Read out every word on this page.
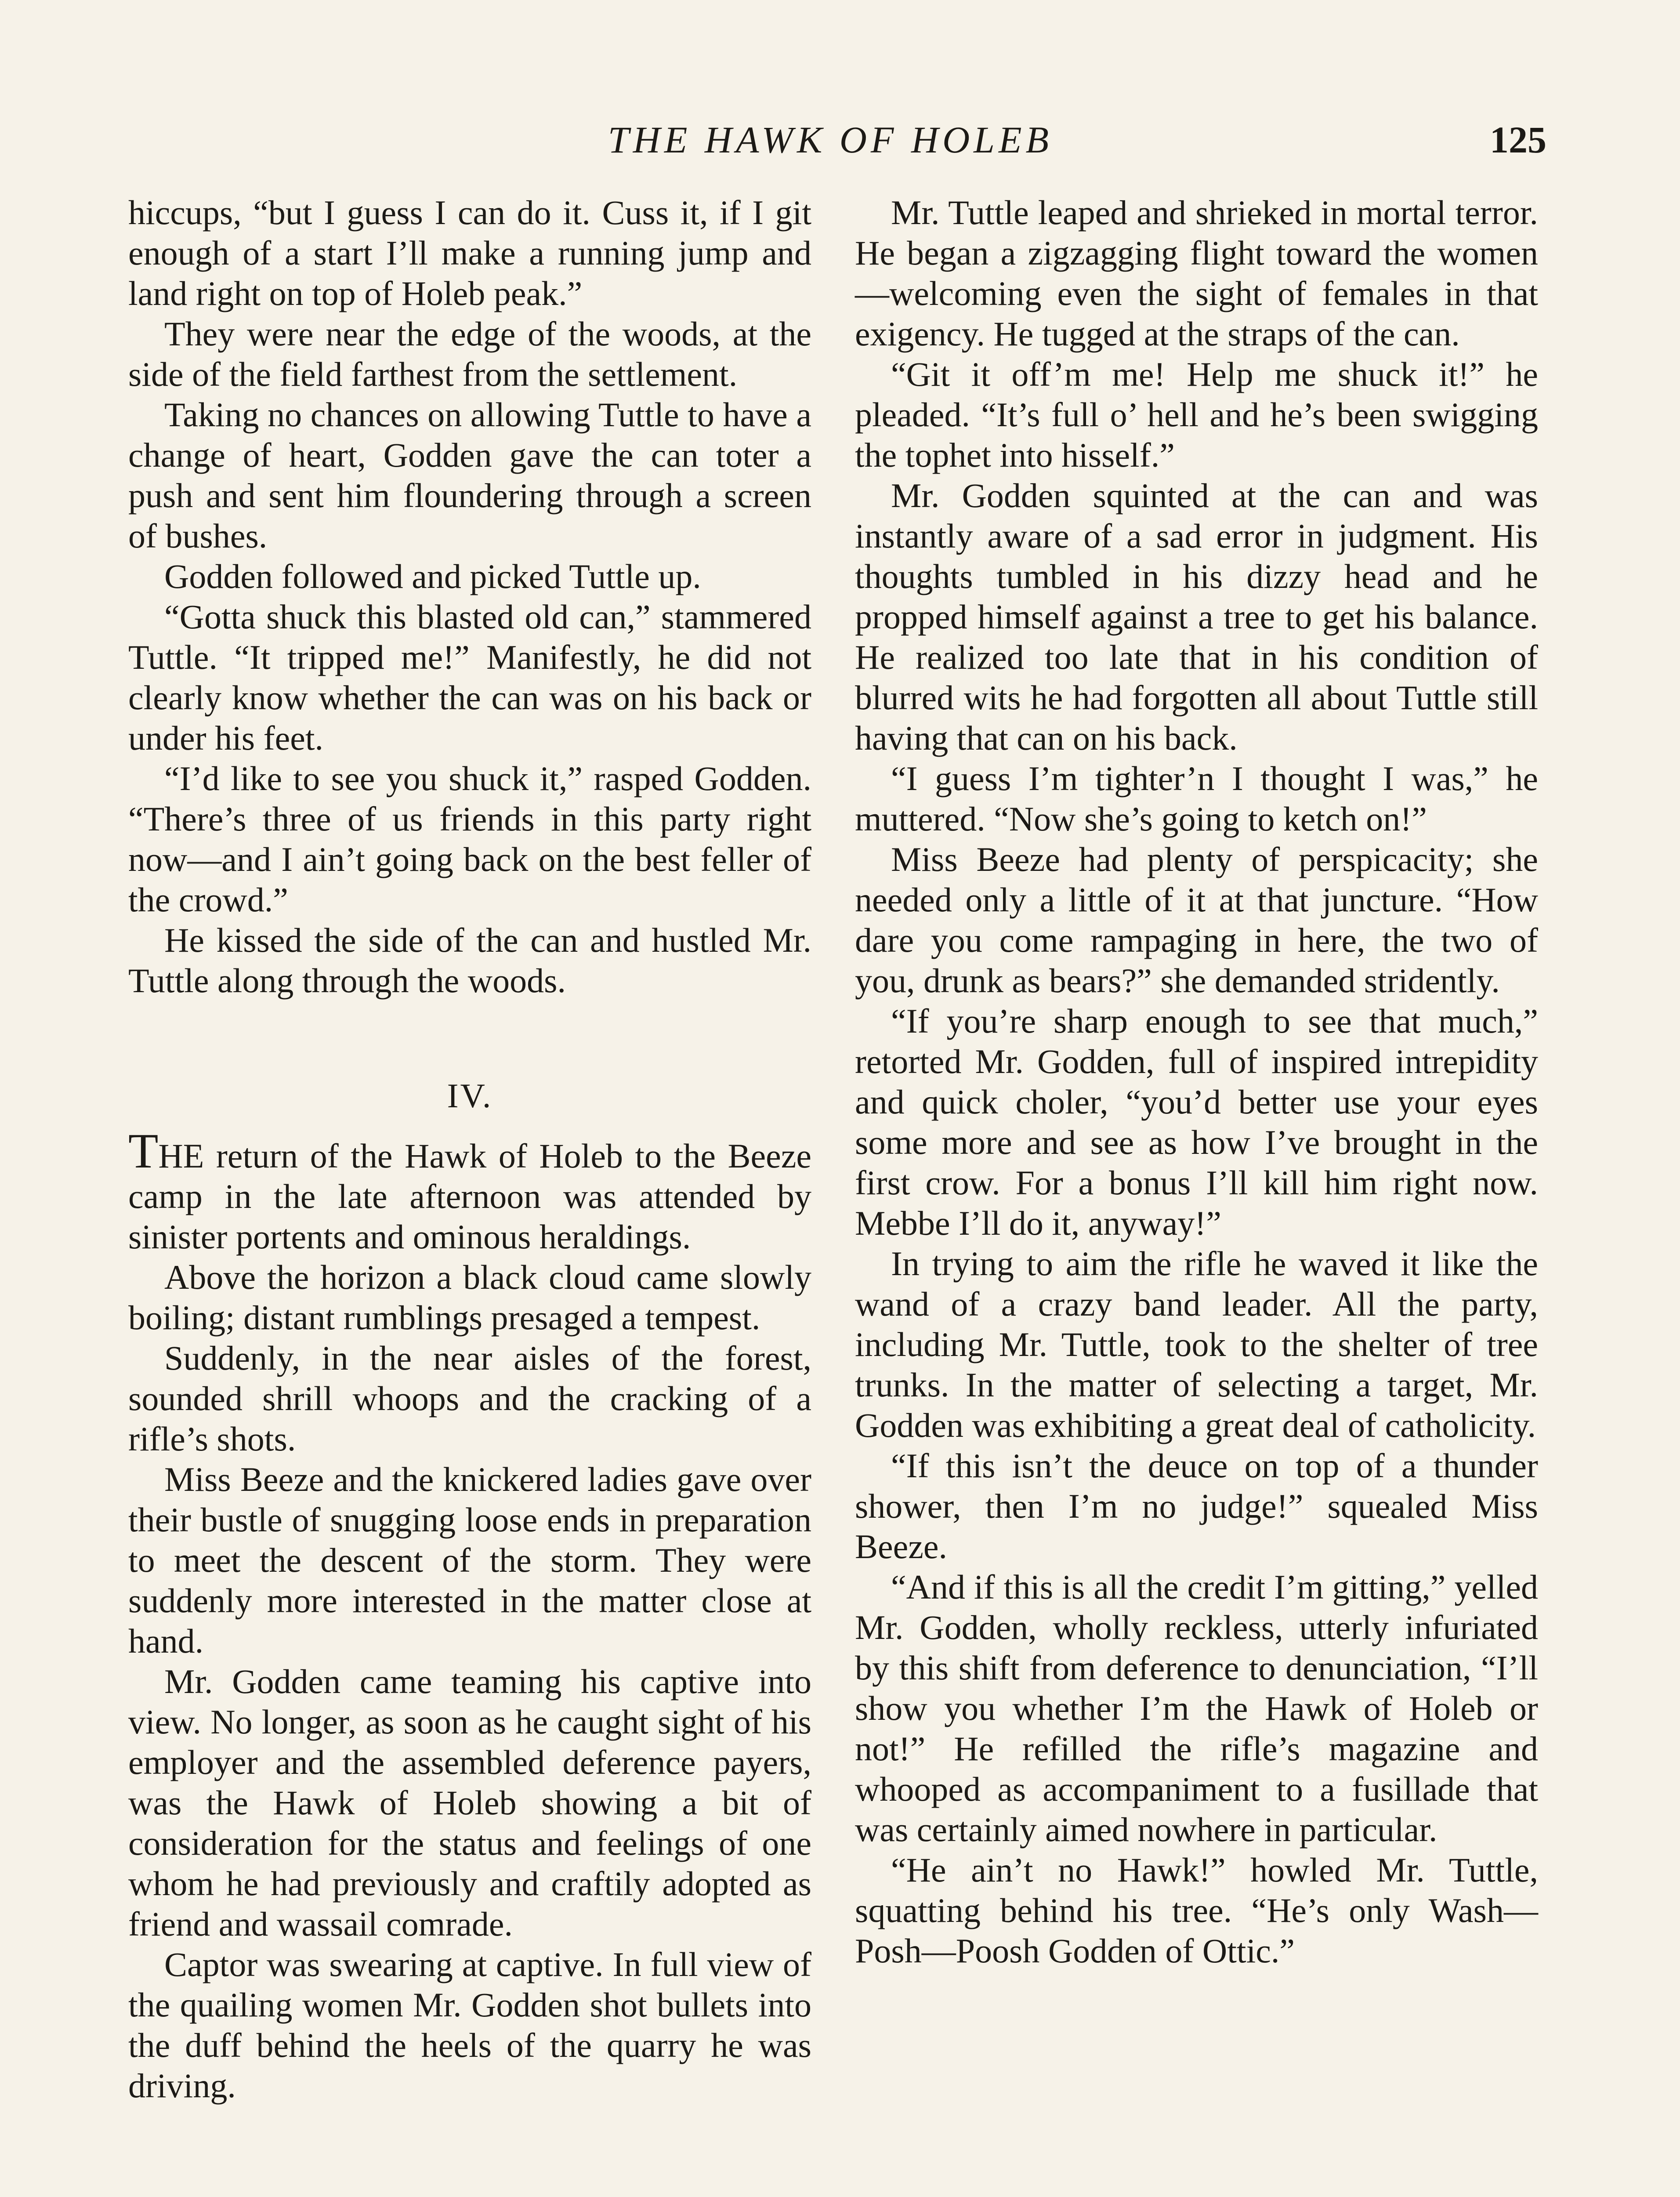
THE HAWK OF HOLEB	125

hiccups, “but I guess I can do it. Cuss it, if I git enough of a start I’ll make a running jump and land right on top of Holeb peak.”

They were near the edge of the woods, at the side of the field farthest from the settlement.

Taking no chances on allowing Tuttle to have a change of heart, Godden gave the can toter a push and sent him floundering through a screen of bushes.

Godden followed and picked Tuttle up.

“Gotta shuck this blasted old can,” stammered Tuttle. “It tripped me!” Manifestly, he did not clearly know whether the can was on his back or under his feet.

“I’d like to see you shuck it,” rasped Godden. “There’s three of us friends in this party right now—and I ain’t going back on the best feller of the crowd.”

He kissed the side of the can and hustled Mr. Tuttle along through the woods.

IV.

THE return of the Hawk of Holeb to the Beeze camp in the late afternoon was attended by sinister portents and ominous heraldings.

Above the horizon a black cloud came slowly boiling; distant rumblings presaged a tempest.

Suddenly, in the near aisles of the forest, sounded shrill whoops and the cracking of a rifle’s shots.

Miss Beeze and the knickered ladies gave over their bustle of snugging loose ends in preparation to meet the descent of the storm. They were suddenly more interested in the matter close at hand.

Mr. Godden came teaming his captive into view. No longer, as soon as he caught sight of his employer and the assembled deference payers, was the Hawk of Holeb showing a bit of consideration for the status and feelings of one whom he had previously and craftily adopted as friend and wassail comrade.

Captor was swearing at captive. In full view of the quailing women Mr. Godden shot bullets into the duff behind the heels of the quarry he was driving.

Mr. Tuttle leaped and shrieked in mortal terror. He began a zigzagging flight toward the women—welcoming even the sight of females in that exigency. He tugged at the straps of the can.

“Git it off’m me! Help me shuck it!” he pleaded. “It’s full o’ hell and he’s been swigging the tophet into hisself.”

Mr. Godden squinted at the can and was instantly aware of a sad error in judgment. His thoughts tumbled in his dizzy head and he propped himself against a tree to get his balance. He realized too late that in his condition of blurred wits he had forgotten all about Tuttle still having that can on his back.

“I guess I’m tighter’n I thought I was,” he muttered. “Now she’s going to ketch on!”

Miss Beeze had plenty of perspicacity; she needed only a little of it at that juncture. “How dare you come rampaging in here, the two of you, drunk as bears?” she demanded stridently.

“If you’re sharp enough to see that much,” retorted Mr. Godden, full of inspired intrepidity and quick choler, “you’d better use your eyes some more and see as how I’ve brought in the first crow. For a bonus I’ll kill him right now. Mebbe I’ll do it, anyway!”

In trying to aim the rifle he waved it like the wand of a crazy band leader. All the party, including Mr. Tuttle, took to the shelter of tree trunks. In the matter of selecting a target, Mr. Godden was exhibiting a great deal of catholicity.

“If this isn’t the deuce on top of a thunder shower, then I’m no judge!” squealed Miss Beeze.

“And if this is all the credit I’m gitting,” yelled Mr. Godden, wholly reckless, utterly infuriated by this shift from deference to denunciation, “I’ll show you whether I’m the Hawk of Holeb or not!” He refilled the rifle’s magazine and whooped as accompaniment to a fusillade that was certainly aimed nowhere in particular.

“He ain’t no Hawk!” howled Mr. Tuttle, squatting behind his tree. “He’s only Wash—Posh—Poosh Godden of Ottic.”
